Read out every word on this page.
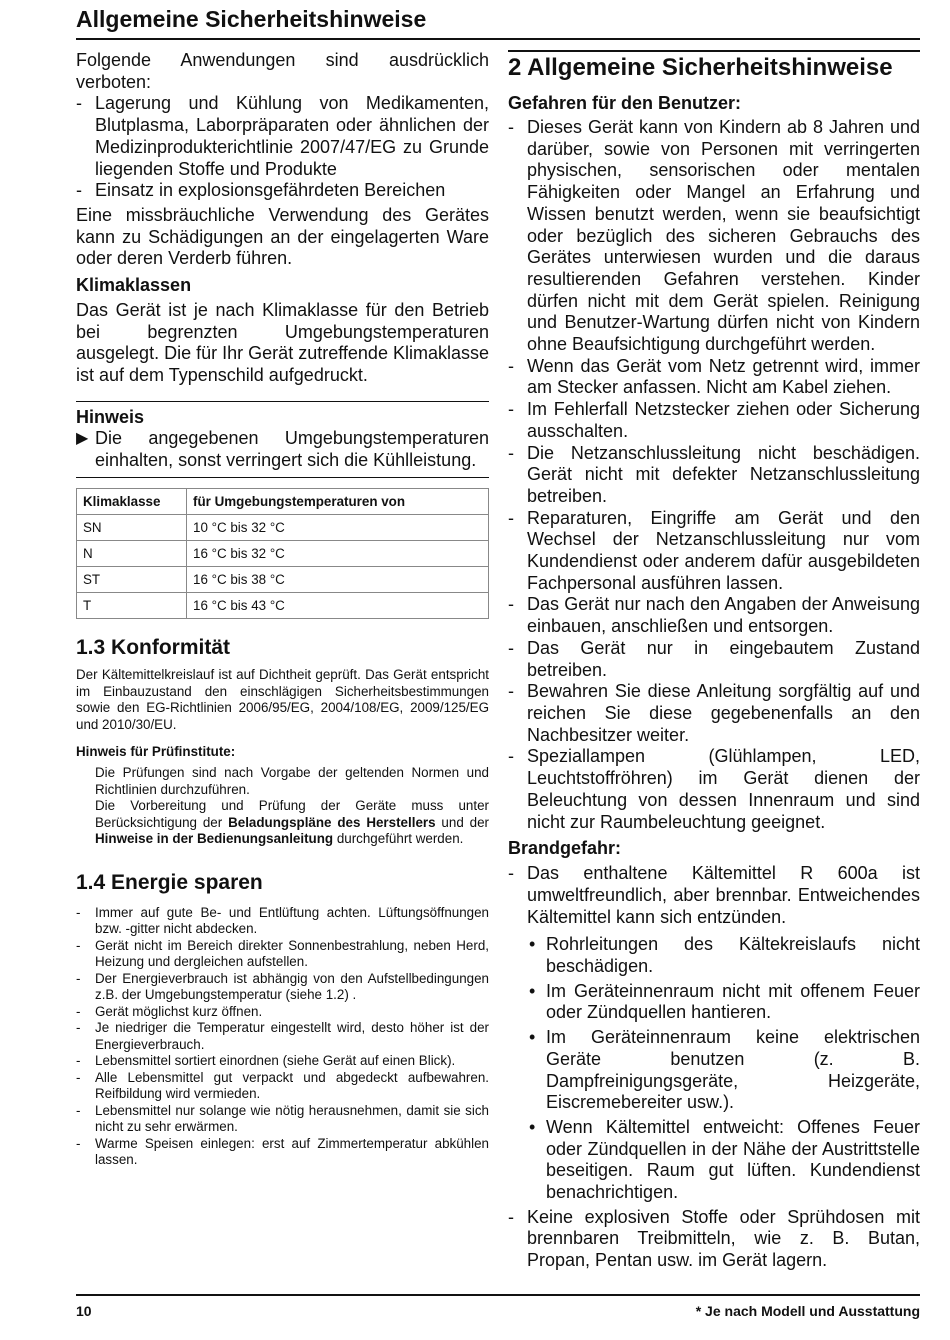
Allgemeine Sicherheitshinweise

Folgende Anwendungen sind ausdrücklich verboten:

- Lagerung und Kühlung von Medikamenten, Blutplasma, Laborpräparaten oder ähnlichen der Medizinprodukterichtlinie 2007/47/EG zu Grunde liegenden Stoffe und Produkte
- Einsatz in explosionsgefährdeten Bereichen

Eine missbräuchliche Verwendung des Gerätes kann zu Schädigungen an der eingelagerten Ware oder deren Verderb führen.

Klimaklassen

Das Gerät ist je nach Klimaklasse für den Betrieb bei begrenzten Umgebungstemperaturen ausgelegt. Die für Ihr Gerät zutreffende Klimaklasse ist auf dem Typenschild aufgedruckt.

Hinweis
▶ Die angegebenen Umgebungstemperaturen einhalten, sonst verringert sich die Kühlleistung.
Klimaklasse	für Umgebungstemperaturen von
SN	10 °C bis 32 °C
N	16 °C bis 32 °C
ST	16 °C bis 38 °C
T	16 °C bis 43 °C
1.3 Konformität

Der Kältemittelkreislauf ist auf Dichtheit geprüft. Das Gerät entspricht im Einbauzustand den einschlägigen Sicherheitsbestimmungen sowie den EG-Richtlinien 2006/95/EG, 2004/108/EG, 2009/125/EG und 2010/30/EU.

Hinweis für Prüfinstitute:

Die Prüfungen sind nach Vorgabe der geltenden Normen und Richtlinien durchzuführen.

Die Vorbereitung und Prüfung der Geräte muss unter Berücksichtigung der Beladungspläne des Herstellers und der Hinweise in der Bedienungsanleitung durchgeführt werden.

1.4 Energie sparen
- Immer auf gute Be- und Entlüftung achten. Lüftungsöffnungen bzw. -gitter nicht abdecken.
- Gerät nicht im Bereich direkter Sonnenbestrahlung, neben Herd, Heizung und dergleichen aufstellen.
- Der Energieverbrauch ist abhängig von den Aufstellbedingungen z.B. der Umgebungstemperatur (siehe 1.2) .
- Gerät möglichst kurz öffnen.
- Je niedriger die Temperatur eingestellt wird, desto höher ist der Energieverbrauch.
- Lebensmittel sortiert einordnen (siehe Gerät auf einen Blick).
- Alle Lebensmittel gut verpackt und abgedeckt aufbewahren. Reifbildung wird vermieden.
- Lebensmittel nur solange wie nötig herausnehmen, damit sie sich nicht zu sehr erwärmen.
- Warme Speisen einlegen: erst auf Zimmertemperatur abkühlen lassen.
2 Allgemeine Sicherheitshinweise
Gefahren für den Benutzer:
- Dieses Gerät kann von Kindern ab 8 Jahren und darüber, sowie von Personen mit verringerten physischen, sensorischen oder mentalen Fähigkeiten oder Mangel an Erfahrung und Wissen benutzt werden, wenn sie beaufsichtigt oder bezüglich des sicheren Gebrauchs des Gerätes unterwiesen wurden und die daraus resultierenden Gefahren verstehen. Kinder dürfen nicht mit dem Gerät spielen. Reinigung und Benutzer-Wartung dürfen nicht von Kindern ohne Beaufsichtigung durchgeführt werden.
- Wenn das Gerät vom Netz getrennt wird, immer am Stecker anfassen. Nicht am Kabel ziehen.
- Im Fehlerfall Netzstecker ziehen oder Sicherung ausschalten.
- Die Netzanschlussleitung nicht beschädigen. Gerät nicht mit defekter Netzanschlussleitung betreiben.
- Reparaturen, Eingriffe am Gerät und den Wechsel der Netzanschlussleitung nur vom Kundendienst oder anderem dafür ausgebildeten Fachpersonal ausführen lassen.
- Das Gerät nur nach den Angaben der Anweisung einbauen, anschließen und entsorgen.
- Das Gerät nur in eingebautem Zustand betreiben.
- Bewahren Sie diese Anleitung sorgfältig auf und reichen Sie diese gegebenenfalls an den Nachbesitzer weiter.
- Speziallampen (Glühlampen, LED, Leuchtstoffröhren) im Gerät dienen der Beleuchtung von dessen Innenraum und sind nicht zur Raumbeleuchtung geeignet.
Brandgefahr:
- Das enthaltene Kältemittel R 600a ist umweltfreundlich, aber brennbar. Entweichendes Kältemittel kann sich entzünden.
• Rohrleitungen des Kältekreislaufs nicht beschädigen.
• Im Geräteinnenraum nicht mit offenem Feuer oder Zündquellen hantieren.
• Im Geräteinnenraum keine elektrischen Geräte benutzen (z. B. Dampfreinigungsgeräte, Heizgeräte, Eiscremebereiter usw.).
• Wenn Kältemittel entweicht: Offenes Feuer oder Zündquellen in der Nähe der Austrittstelle beseitigen. Raum gut lüften. Kundendienst benachrichtigen.
- Keine explosiven Stoffe oder Sprühdosen mit brennbaren Treibmitteln, wie z. B. Butan, Propan, Pentan usw. im Gerät lagern.
10	* Je nach Modell und Ausstattung
